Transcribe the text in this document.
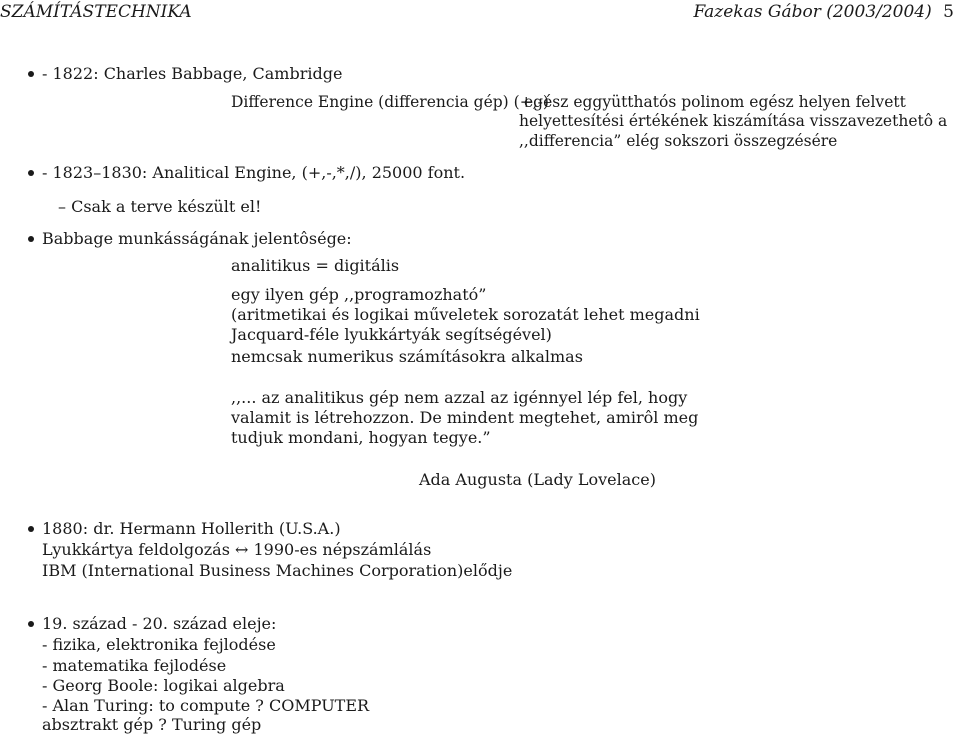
SZÁMÍTÁSTECHNIKA	Fazekas Gábor (2003/2004) 5
- 1822: Charles Babbage, Cambridge
Difference Engine (differencia gép) (+,-)
egész eggyütthatós polinom egész helyen felvett
helyettesítési értékének kiszámítása visszavezethetô a
,,differencia” elég sokszori összegzésére
- 1823–1830: Analitical Engine, (+,-,*,/), 25000 font.
– Csak a terve készült el!
Babbage munkásságának jelentôsége:
analitikus = digitális
egy ilyen gép ,,programozható”
(aritmetikai és logikai műveletek sorozatát lehet megadni
Jacquard-féle lyukkártyák segítségével)
nemcsak numerikus számításokra alkalmas
,,... az analitikus gép nem azzal az igénnyel lép fel, hogy
valamit is létrehozzon. De mindent megtehet, amirôl meg
tudjuk mondani, hogyan tegye.”
Ada Augusta (Lady Lovelace)
1880: dr. Hermann Hollerith (U.S.A.)
Lyukkártya feldolgozás ↔ 1990-es népszámlálás
IBM (International Business Machines Corporation)elődje
19. század - 20. század eleje:
- fizika, elektronika fejlodése
- matematika fejlodése
- Georg Boole: logikai algebra
- Alan Turing: to compute ? COMPUTER
absztrakt gép ? Turing gép
